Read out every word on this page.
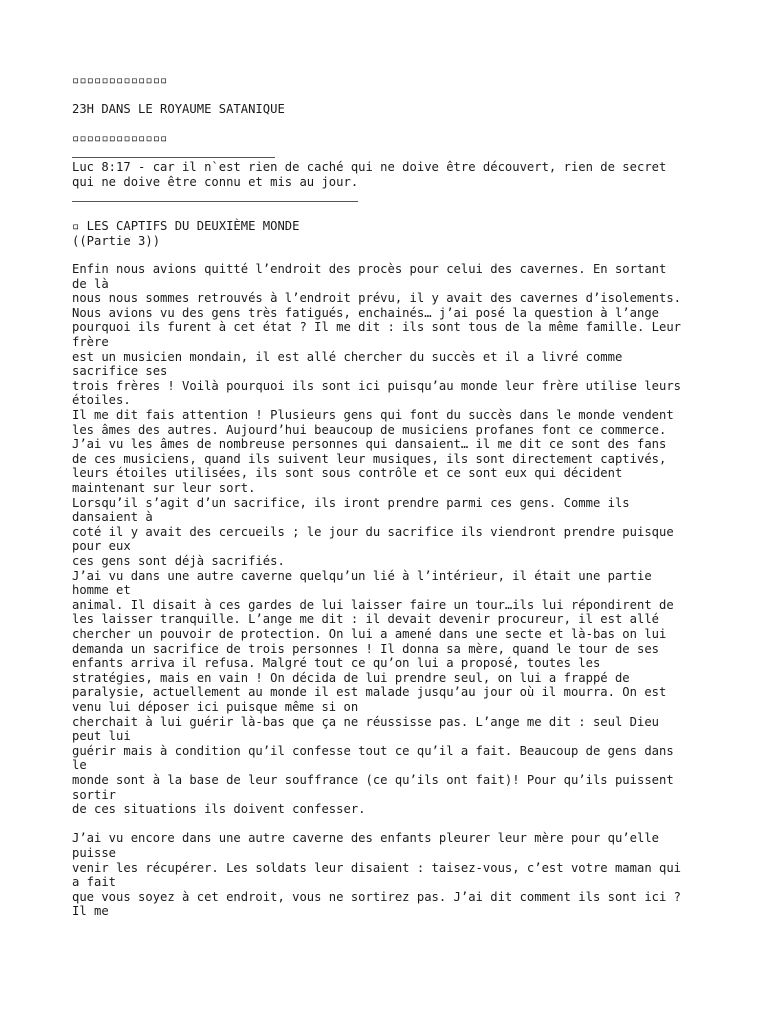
▫▫▫▫▫▫▫▫▫▫▫▫▫

23H DANS LE ROYAUME SATANIQUE

▫▫▫▫▫▫▫▫▫▫▫▫▫

Luc 8:17 - car il n`est rien de caché qui ne doive être découvert, rien de secret

qui ne doive être connu et mis au jour.

▫ LES CAPTIFS DU DEUXIÈME MONDE

((Partie 3))

Enfin nous avions quitté l’endroit des procès pour celui des cavernes. En sortant

de là

nous nous sommes retrouvés à l’endroit prévu, il y avait des cavernes d’isolements.

Nous avions vu des gens très fatigués, enchainés… j’ai posé la question à l’ange

pourquoi ils furent à cet état ? Il me dit : ils sont tous de la même famille. Leur

frère

est un musicien mondain, il est allé chercher du succès et il a livré comme

sacrifice ses

trois frères ! Voilà pourquoi ils sont ici puisqu’au monde leur frère utilise leurs

étoiles.

Il me dit fais attention ! Plusieurs gens qui font du succès dans le monde vendent

les âmes des autres. Aujourd’hui beaucoup de musiciens profanes font ce commerce.

J’ai vu les âmes de nombreuse personnes qui dansaient… il me dit ce sont des fans

de ces musiciens, quand ils suivent leur musiques, ils sont directement captivés,

leurs étoiles utilisées, ils sont sous contrôle et ce sont eux qui décident

maintenant sur leur sort.

Lorsqu’il s’agit d’un sacrifice, ils iront prendre parmi ces gens. Comme ils

dansaient à

coté il y avait des cercueils ; le jour du sacrifice ils viendront prendre puisque

pour eux

ces gens sont déjà sacrifiés.

J’ai vu dans une autre caverne quelqu’un lié à l’intérieur, il était une partie

homme et

animal. Il disait à ces gardes de lui laisser faire un tour…ils lui répondirent de

les laisser tranquille. L’ange me dit : il devait devenir procureur, il est allé

chercher un pouvoir de protection. On lui a amené dans une secte et là-bas on lui

demanda un sacrifice de trois personnes ! Il donna sa mère, quand le tour de ses

enfants arriva il refusa. Malgré tout ce qu’on lui a proposé, toutes les

stratégies, mais en vain ! On décida de lui prendre seul, on lui a frappé de

paralysie, actuellement au monde il est malade jusqu’au jour où il mourra. On est

venu lui déposer ici puisque même si on

cherchait à lui guérir là-bas que ça ne réussisse pas. L’ange me dit : seul Dieu

peut lui

guérir mais à condition qu’il confesse tout ce qu’il a fait. Beaucoup de gens dans

le

monde sont à la base de leur souffrance (ce qu’ils ont fait)! Pour qu’ils puissent

sortir

de ces situations ils doivent confesser.

J’ai vu encore dans une autre caverne des enfants pleurer leur mère pour qu’elle

puisse

venir les récupérer. Les soldats leur disaient : taisez-vous, c’est votre maman qui

a fait

que vous soyez à cet endroit, vous ne sortirez pas. J’ai dit comment ils sont ici ?

Il me
